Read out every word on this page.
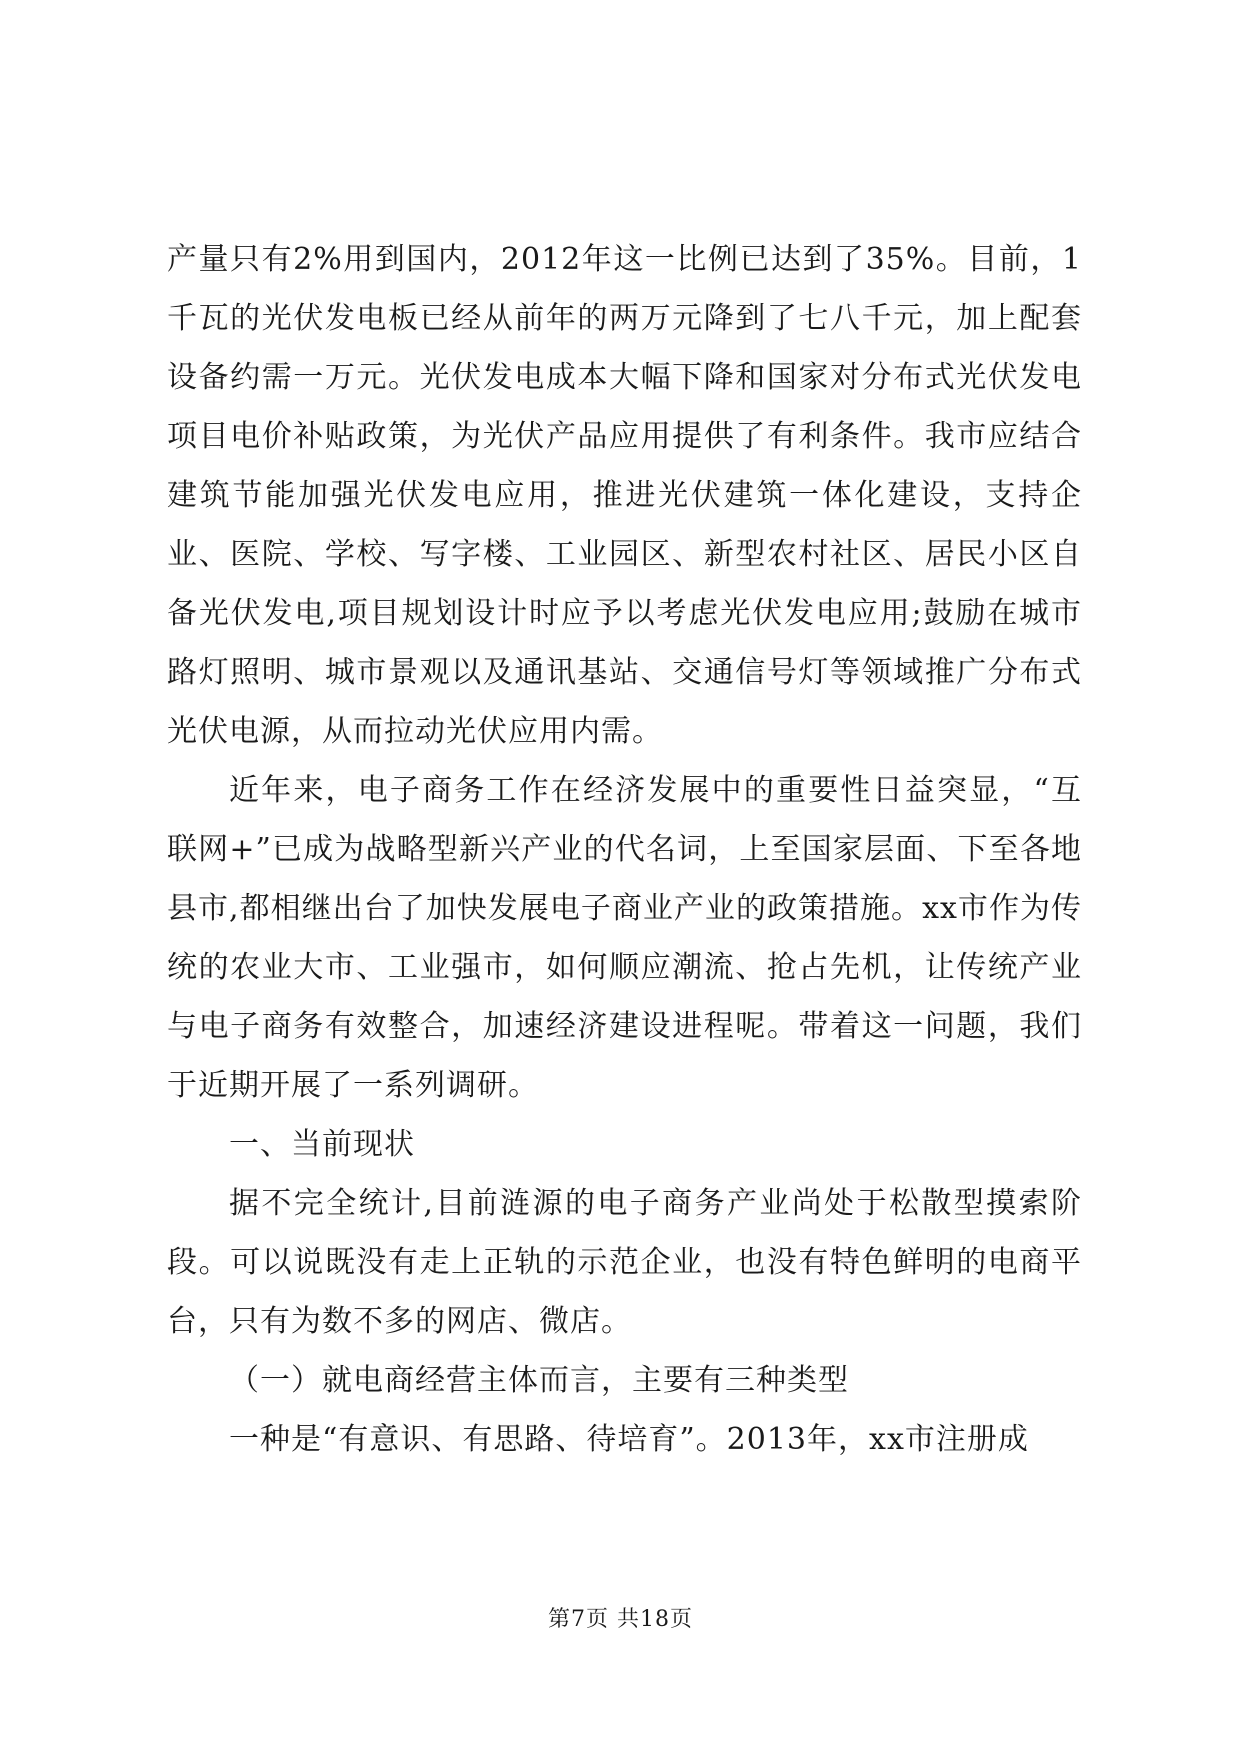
产量只有2%用到国内，2012年这一比例已达到了35%。目前，1千瓦的光伏发电板已经从前年的两万元降到了七八千元，加上配套设备约需一万元。光伏发电成本大幅下降和国家对分布式光伏发电项目电价补贴政策，为光伏产品应用提供了有利条件。我市应结合建筑节能加强光伏发电应用，推进光伏建筑一体化建设，支持企业、医院、学校、写字楼、工业园区、新型农村社区、居民小区自备光伏发电,项目规划设计时应予以考虑光伏发电应用;鼓励在城市路灯照明、城市景观以及通讯基站、交通信号灯等领域推广分布式光伏电源，从而拉动光伏应用内需。

近年来，电子商务工作在经济发展中的重要性日益突显，“互联网+”已成为战略型新兴产业的代名词，上至国家层面、下至各地县市,都相继出台了加快发展电子商业产业的政策措施。xx市作为传统的农业大市、工业强市，如何顺应潮流、抢占先机，让传统产业与电子商务有效整合，加速经济建设进程呢。带着这一问题，我们于近期开展了一系列调研。

一、当前现状

据不完全统计,目前涟源的电子商务产业尚处于松散型摸索阶段。可以说既没有走上正轨的示范企业，也没有特色鲜明的电商平台，只有为数不多的网店、微店。

（一）就电商经营主体而言，主要有三种类型

一种是“有意识、有思路、待培育”。2013年，xx市注册成

第7页 共18页
